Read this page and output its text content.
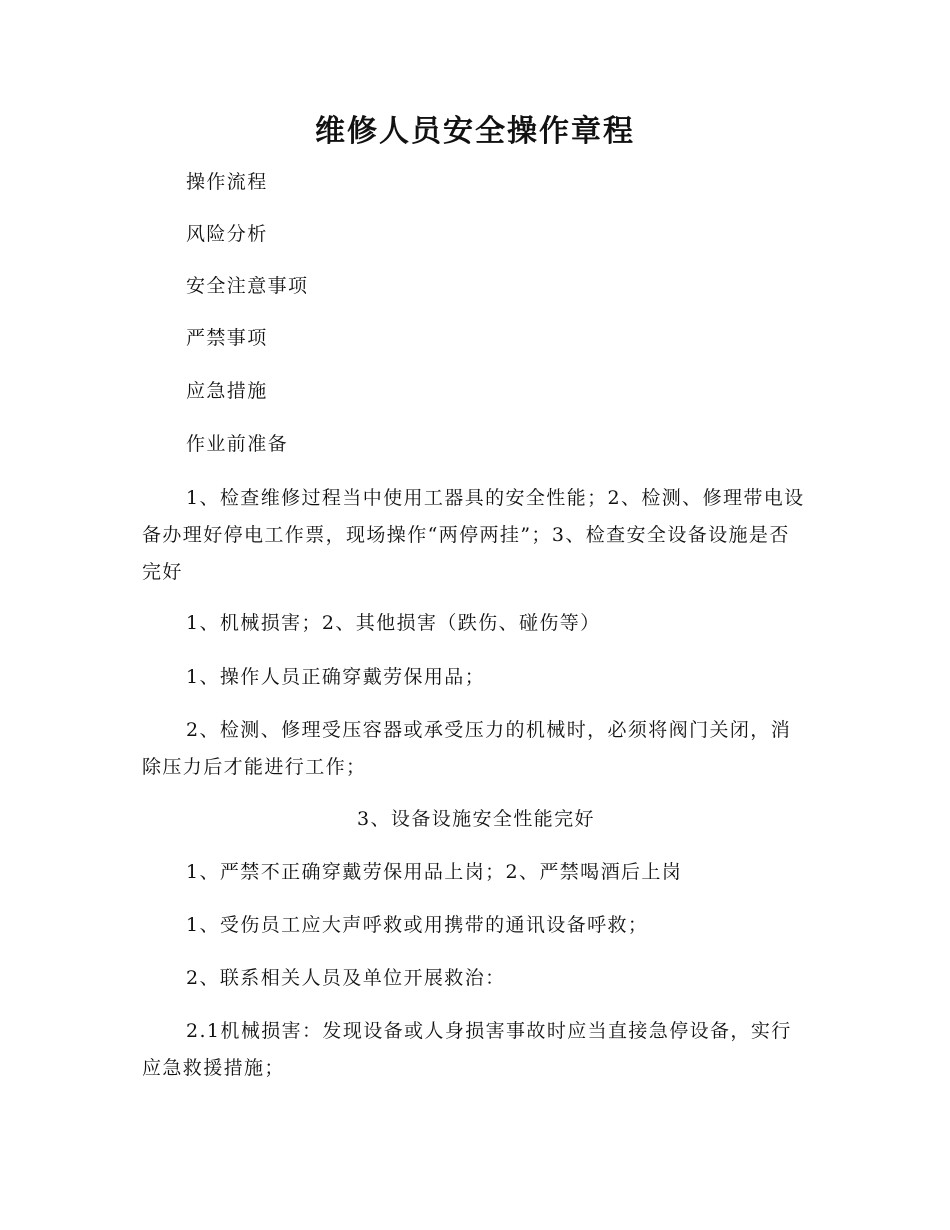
维修人员安全操作章程

操作流程

风险分析

安全注意事项

严禁事项

应急措施

作业前准备

1、检查维修过程当中使用工器具的安全性能；2、检测、修理带电设备办理好停电工作票，现场操作“两停两挂”；3、检查安全设备设施是否完好

1、机械损害；2、其他损害（跌伤、碰伤等）

1、操作人员正确穿戴劳保用品；

2、检测、修理受压容器或承受压力的机械时，必须将阀门关闭，消除压力后才能进行工作；

3、设备设施安全性能完好

1、严禁不正确穿戴劳保用品上岗；2、严禁喝酒后上岗

1、受伤员工应大声呼救或用携带的通讯设备呼救；

2、联系相关人员及单位开展救治：

2.1机械损害：发现设备或人身损害事故时应当直接急停设备，实行应急救援措施；
